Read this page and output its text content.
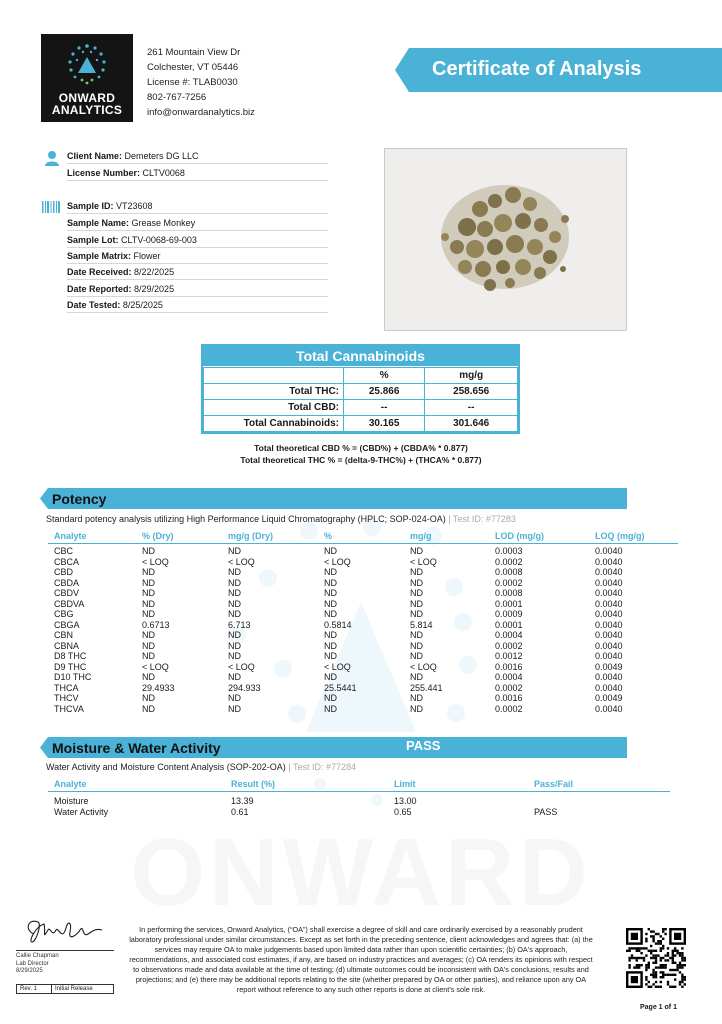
ONWARD
ANALYTICS
261 Mountain View Dr
Colchester, VT 05446
License #: TLAB0030
802-767-7256
info@onwardanalytics.biz
Certificate of Analysis
Client Name: Demeters DG LLC
License Number: CLTV0068
Sample ID: VT23608
Sample Name: Grease Monkey
Sample Lot: CLTV-0068-69-003
Sample Matrix: Flower
Date Received: 8/22/2025
Date Reported: 8/29/2025
Date Tested: 8/25/2025
Total Cannabinoids
	%	mg/g
Total THC:	25.866	258.656
Total CBD:	--	--
Total Cannabinoids:	30.165	301.646
Total theoretical CBD % = (CBD%) + (CBDA% * 0.877)
Total theoretical THC % = (delta-9-THC%) + (THCA% * 0.877)
Potency
Standard potency analysis utilizing High Performance Liquid Chromatography (HPLC; SOP-024-OA) | Test ID: #77283
Analyte	% (Dry)	mg/g (Dry)	%	mg/g	LOD (mg/g)	LOQ (mg/g)

CBC	ND	ND	ND	ND	0.0003	0.0040
CBCA	< LOQ	< LOQ	< LOQ	< LOQ	0.0002	0.0040
CBD	ND	ND	ND	ND	0.0008	0.0040
CBDA	ND	ND	ND	ND	0.0002	0.0040
CBDV	ND	ND	ND	ND	0.0008	0.0040
CBDVA	ND	ND	ND	ND	0.0001	0.0040
CBG	ND	ND	ND	ND	0.0009	0.0040
CBGA	0.6713	6.713	0.5814	5.814	0.0001	0.0040
CBN	ND	ND	ND	ND	0.0004	0.0040
CBNA	ND	ND	ND	ND	0.0002	0.0040
D8 THC	ND	ND	ND	ND	0.0012	0.0040
D9 THC	< LOQ	< LOQ	< LOQ	< LOQ	0.0016	0.0049
D10 THC	ND	ND	ND	ND	0.0004	0.0040
THCA	29.4933	294.933	25.5441	255.441	0.0002	0.0040
THCV	ND	ND	ND	ND	0.0016	0.0049
THCVA	ND	ND	ND	ND	0.0002	0.0040
Moisture & Water Activity	PASS
Water Activity and Moisture Content Analysis (SOP-202-OA) | Test ID: #77284
Analyte	Result (%)	Limit	Pass/Fail

Moisture	13.39	13.00	
Water Activity	0.61	0.65	PASS
Callie Chapman
Lab Director
8/29/2025
Rev. 1	Initial Release
In performing the services, Onward Analytics, (“OA”) shall exercise a degree of skill and care ordinarily exercised by a reasonably prudent laboratory professional under similar circumstances. Except as set forth in the preceding sentence, client acknowledges and agrees that: (a) the services may require OA to make judgements based upon limited data rather than upon scientific certainties; (b) OA's approach, recommendations, and associated cost estimates, if any, are based on industry practices and averages; (c) OA renders its opinions with respect to observations made and data available at the time of testing; (d) ultimate outcomes could be inconsistent with OA's conclusions, results and projections; and (e) there may be additional reports relating to the site (whether prepared by OA or other parties), and reliance upon any OA report without reference to any such other reports is done at client's sole risk.
Page 1 of 1
